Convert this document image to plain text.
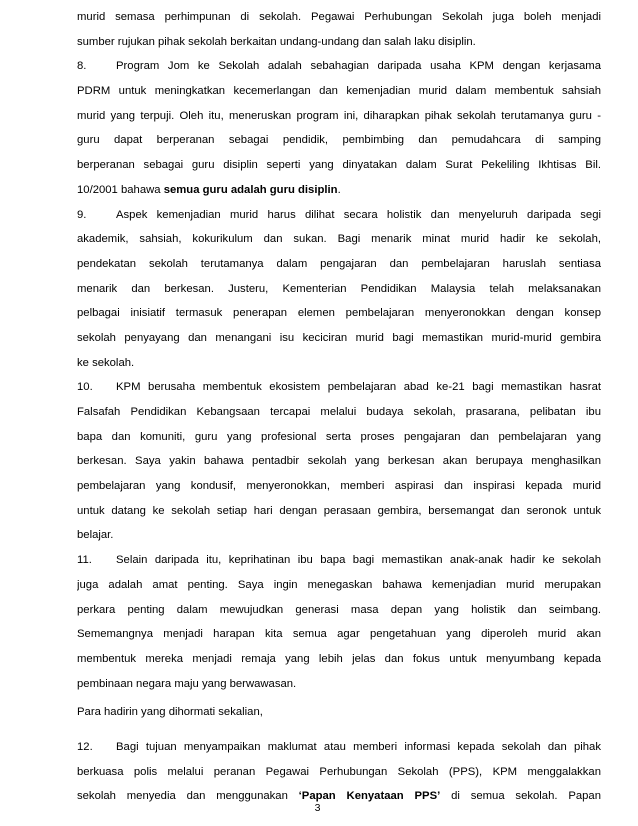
murid semasa perhimpunan di sekolah. Pegawai Perhubungan Sekolah juga boleh menjadi
sumber rujukan pihak sekolah berkaitan undang-undang dan salah laku disiplin.
8.	Program Jom ke Sekolah adalah sebahagian daripada usaha KPM dengan kerjasama
PDRM untuk meningkatkan kecemerlangan dan kemenjadian murid dalam membentuk sahsiah
murid yang terpuji. Oleh itu, meneruskan program ini, diharapkan pihak sekolah terutamanya guru -
guru dapat berperanan sebagai pendidik, pembimbing dan pemudahcara di samping
berperanan sebagai guru disiplin seperti yang dinyatakan dalam Surat Pekeliling Ikhtisas Bil.
10/2001 bahawa semua guru adalah guru disiplin.
9.	Aspek kemenjadian murid harus dilihat secara holistik dan menyeluruh daripada segi
akademik, sahsiah, kokurikulum dan sukan. Bagi menarik minat murid hadir ke sekolah,
pendekatan sekolah terutamanya dalam pengajaran dan pembelajaran haruslah sentiasa
menarik dan berkesan. Justeru, Kementerian Pendidikan Malaysia telah melaksanakan
pelbagai inisiatif termasuk penerapan elemen pembelajaran menyeronokkan dengan konsep
sekolah penyayang dan menangani isu keciciran murid bagi memastikan murid-murid gembira
ke sekolah.
10. KPM berusaha membentuk ekosistem pembelajaran abad ke-21 bagi memastikan hasrat
Falsafah Pendidikan Kebangsaan tercapai melalui budaya sekolah, prasarana, pelibatan ibu
bapa dan komuniti, guru yang profesional serta proses pengajaran dan pembelajaran yang
berkesan. Saya yakin bahawa pentadbir sekolah yang berkesan akan berupaya menghasilkan
pembelajaran yang kondusif, menyeronokkan, memberi aspirasi dan inspirasi kepada murid
untuk datang ke sekolah setiap hari dengan perasaan gembira, bersemangat dan seronok untuk
belajar.
11. Selain daripada itu, keprihatinan ibu bapa bagi memastikan anak-anak hadir ke sekolah
juga adalah amat penting. Saya ingin menegaskan bahawa kemenjadian murid merupakan
perkara penting dalam mewujudkan generasi masa depan yang holistik dan seimbang.
Sememangnya menjadi harapan kita semua agar pengetahuan yang diperoleh murid akan
membentuk mereka menjadi remaja yang lebih jelas dan fokus untuk menyumbang kepada
pembinaan negara maju yang berwawasan.
Para hadirin yang dihormati sekalian,
12. Bagi tujuan menyampaikan maklumat atau memberi informasi kepada sekolah dan pihak
berkuasa polis melalui peranan Pegawai Perhubungan Sekolah (PPS), KPM menggalakkan
sekolah menyedia dan menggunakan ‘Papan Kenyataan PPS’ di semua sekolah. Papan
3
